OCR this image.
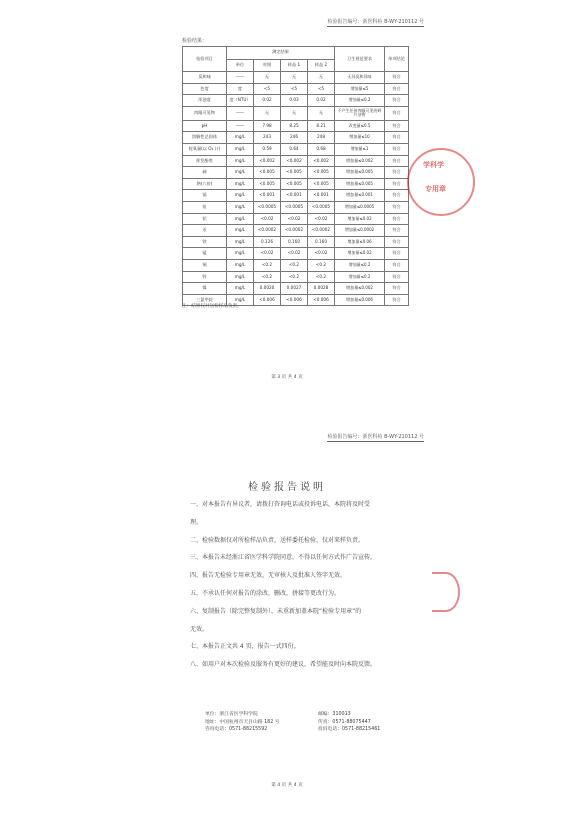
检验报告编号：浙医科检 B-WY-210112 号
检验结果：
检验项目	测定结果				卫生规范要求	单项结论
	单位	对照	样品 1	样品 2		
臭和味	——	无	无	无	无异臭和异味	符合
色度	度	<5	<5	<5	增加量≤5	符合
浑浊度	度（NTU）	0.02	0.03	0.02	增加量≤0.2	符合
肉眼可见物	——	无	无	无	不产生任何肉眼可见的碎片杂物	符合
pH	——	7.98	8.25	8.21	改变量≤0.5	符合
溶解性总固体	mg/L	243	246	248	增加量≤10	符合
耗氧量(以 O₂ 计)	mg/L	0.59	0.64	0.68	增加量≤1	符合
挥发酚类	mg/L	<0.002	<0.002	<0.002	增加量≤0.002	符合
砷	mg/L	<0.005	<0.005	<0.005	增加量≤0.005	符合
铬(六价)	mg/L	<0.005	<0.005	<0.005	增加量≤0.005	符合
镉	mg/L	<0.001	<0.001	<0.001	增加量≤0.001	符合
铅	mg/L	<0.0005	<0.0005	<0.0005	增加量≤0.0005	符合
铝	mg/L	<0.02	<0.02	<0.02	增加量≤0.02	符合
汞	mg/L	<0.0002	<0.0002	<0.0002	增加量≤0.0002	符合
铁	mg/L	0.126	0.160	0.160	增加量≤0.06	符合
锰	mg/L	<0.02	<0.02	<0.02	增加量≤0.02	符合
铜	mg/L	<0.2	<0.2	<0.2	增加量≤0.2	符合
锌	mg/L	<0.2	<0.2	<0.2	增加量≤0.2	符合
镍	mg/L	0.0020	0.0027	0.0028	增加量≤0.002	符合
三氯甲烷	mg/L	<0.006	<0.006	<0.006	增加量≤0.006	符合
注：结果仅对送检样品负责。
学科学
专用章
第 3 页 共 4 页
检验报告编号：浙医科检 B-WY-210112 号
检验报告说明

一、对本报告有异议者，请拨打咨询电话或投诉电话，本院将及时受

理。

二、检验数据仅对所检样品负责，送样委托检验，仅对来样负责。

三、本报告未经浙江省医学科学院同意，不得以任何方式作广告宣传。

四、报告无检验专用章无效，无审核人及批准人签字无效。

五、不承认任何对报告的涂改，删改，拼接等更改行为。

六、复制报告（除完整复制外），未重新加盖本院“检验专用章”的

无效。

七、本报告正文共 4 页，报告一式四份。

八、如用户对本次检验及服务有更好的建议，希望能及时向本院反馈。

单位：浙江省医学科学院
地址：中国杭州市天目山路 182 号
咨询电话：0571-88215592
邮编：310013
传真：0571-88075447
投诉电话：0571-88215461
第 4 页 共 4 页
